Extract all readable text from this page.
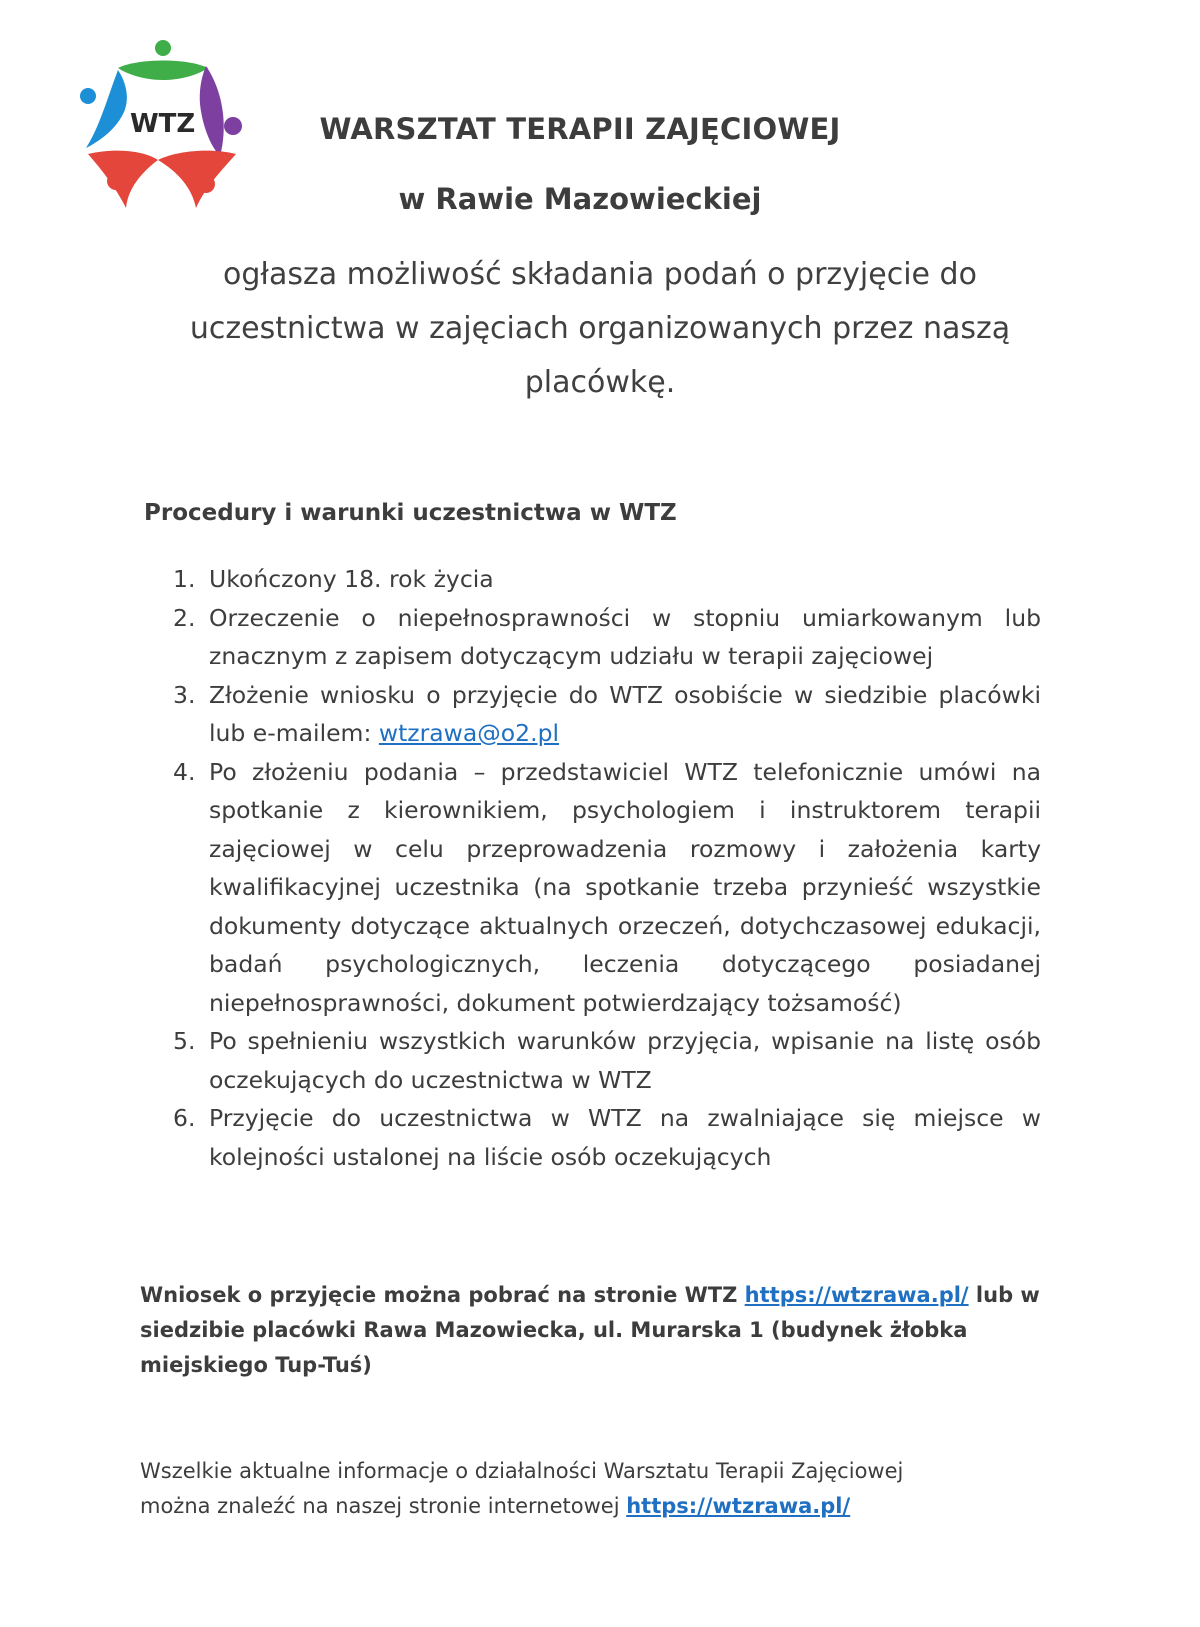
WTZ	WARSZTAT TERAPII ZAJĘCIOWEJ
w Rawie Mazowieckiej
ogłasza możliwość składania podań o przyjęcie do
uczestnictwa w zajęciach organizowanych przez naszą
placówkę.
Procedury i warunki uczestnictwa w WTZ
1. Ukończony 18. rok życia
2. Orzeczenie o niepełnosprawności w stopniu umiarkowanym lub znacznym z zapisem dotyczącym udziału w terapii zajęciowej
3. Złożenie wniosku o przyjęcie do WTZ osobiście w siedzibie placówki lub e-mailem: wtzrawa@o2.pl
4. Po złożeniu podania – przedstawiciel WTZ telefonicznie umówi na spotkanie z kierownikiem, psychologiem i instruktorem terapii zajęciowej w celu przeprowadzenia rozmowy i założenia karty kwalifikacyjnej uczestnika (na spotkanie trzeba przynieść wszystkie dokumenty dotyczące aktualnych orzeczeń, dotychczasowej edukacji, badań psychologicznych, leczenia dotyczącego posiadanej niepełnosprawności, dokument potwierdzający tożsamość)
5. Po spełnieniu wszystkich warunków przyjęcia, wpisanie na listę osób oczekujących do uczestnictwa w WTZ
6. Przyjęcie do uczestnictwa w WTZ na zwalniające się miejsce w kolejności ustalonej na liście osób oczekujących
Wniosek o przyjęcie można pobrać na stronie WTZ https://wtzrawa.pl/ lub w siedzibie placówki Rawa Mazowiecka, ul. Murarska 1 (budynek żłobka miejskiego Tup-Tuś)
Wszelkie aktualne informacje o działalności Warsztatu Terapii Zajęciowej
można znaleźć na naszej stronie internetowej https://wtzrawa.pl/
